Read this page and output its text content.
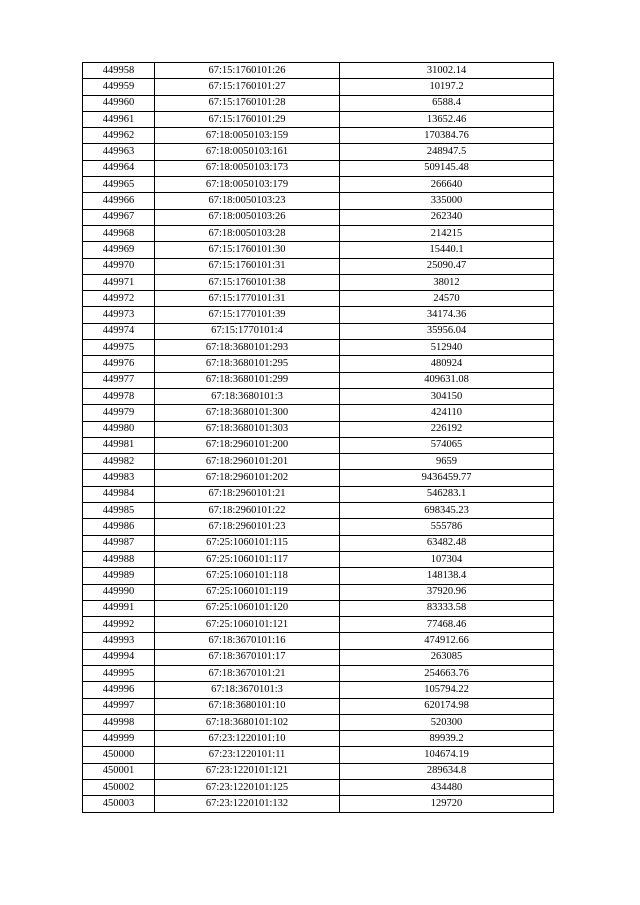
449958	67:15:1760101:26	31002.14
449959	67:15:1760101:27	10197.2
449960	67:15:1760101:28	6588.4
449961	67:15:1760101:29	13652.46
449962	67:18:0050103:159	170384.76
449963	67:18:0050103:161	248947.5
449964	67:18:0050103:173	509145.48
449965	67:18:0050103:179	266640
449966	67:18:0050103:23	335000
449967	67:18:0050103:26	262340
449968	67:18:0050103:28	214215
449969	67:15:1760101:30	15440.1
449970	67:15:1760101:31	25090.47
449971	67:15:1760101:38	38012
449972	67:15:1770101:31	24570
449973	67:15:1770101:39	34174.36
449974	67:15:1770101:4	35956.04
449975	67:18:3680101:293	512940
449976	67:18:3680101:295	480924
449977	67:18:3680101:299	409631.08
449978	67:18:3680101:3	304150
449979	67:18:3680101:300	424110
449980	67:18:3680101:303	226192
449981	67:18:2960101:200	574065
449982	67:18:2960101:201	9659
449983	67:18:2960101:202	9436459.77
449984	67:18:2960101:21	546283.1
449985	67:18:2960101:22	698345.23
449986	67:18:2960101:23	555786
449987	67:25:1060101:115	63482.48
449988	67:25:1060101:117	107304
449989	67:25:1060101:118	148138.4
449990	67:25:1060101:119	37920.96
449991	67:25:1060101:120	83333.58
449992	67:25:1060101:121	77468.46
449993	67:18:3670101:16	474912.66
449994	67:18:3670101:17	263085
449995	67:18:3670101:21	254663.76
449996	67:18:3670101:3	105794.22
449997	67:18:3680101:10	620174.98
449998	67:18:3680101:102	520300
449999	67:23:1220101:10	89939.2
450000	67:23:1220101:11	104674.19
450001	67:23:1220101:121	289634.8
450002	67:23:1220101:125	434480
450003	67:23:1220101:132	129720
